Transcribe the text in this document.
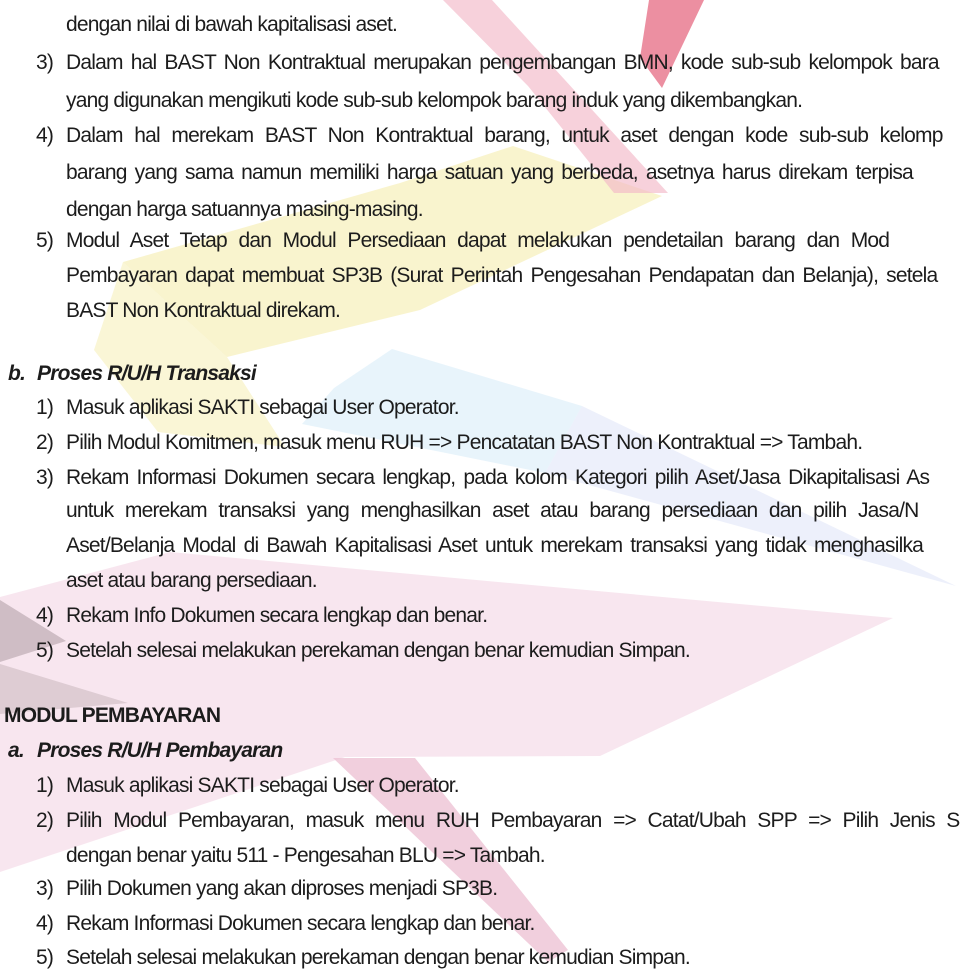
dengan nilai di bawah kapitalisasi aset.
3) Dalam hal BAST Non Kontraktual merupakan pengembangan BMN, kode sub-sub kelompok bara
yang digunakan mengikuti kode sub-sub kelompok barang induk yang dikembangkan.
4) Dalam hal merekam BAST Non Kontraktual barang, untuk aset dengan kode sub-sub kelomp
barang yang sama namun memiliki harga satuan yang berbeda, asetnya harus direkam terpisa
dengan harga satuannya masing-masing.
5) Modul Aset Tetap dan Modul Persediaan dapat melakukan pendetailan barang dan Mod
Pembayaran dapat membuat SP3B (Surat Perintah Pengesahan Pendapatan dan Belanja), setela
BAST Non Kontraktual direkam.
b. Proses R/U/H Transaksi
1) Masuk aplikasi SAKTI sebagai User Operator.
2) Pilih Modul Komitmen, masuk menu RUH => Pencatatan BAST Non Kontraktual => Tambah.
3) Rekam Informasi Dokumen secara lengkap, pada kolom Kategori pilih Aset/Jasa Dikapitalisasi As
untuk merekam transaksi yang menghasilkan aset atau barang persediaan dan pilih Jasa/N
Aset/Belanja Modal di Bawah Kapitalisasi Aset untuk merekam transaksi yang tidak menghasilka
aset atau barang persediaan.
4) Rekam Info Dokumen secara lengkap dan benar.
5) Setelah selesai melakukan perekaman dengan benar kemudian Simpan.
MODUL PEMBAYARAN
a. Proses R/U/H Pembayaran
1) Masuk aplikasi SAKTI sebagai User Operator.
2) Pilih Modul Pembayaran, masuk menu RUH Pembayaran => Catat/Ubah SPP => Pilih Jenis S
dengan benar yaitu 511 - Pengesahan BLU => Tambah.
3) Pilih Dokumen yang akan diproses menjadi SP3B.
4) Rekam Informasi Dokumen secara lengkap dan benar.
5) Setelah selesai melakukan perekaman dengan benar kemudian Simpan.
